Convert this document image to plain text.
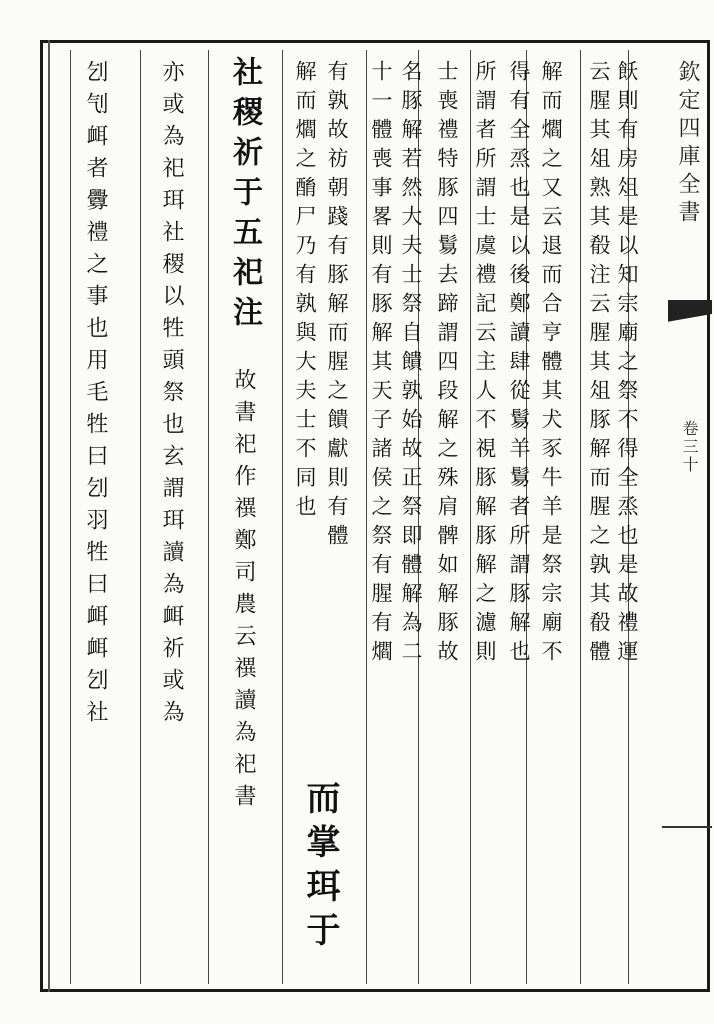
欽定四庫全書
卷三十
飫則有房俎是以知宗廟之祭不得全烝也是故禮運
云腥其俎熟其殽注云腥其俎豚解而腥之孰其殽體
解而爓之又云退而合亨體其犬豕牛羊是祭宗廟不
得有全烝也是以後鄭讀肆從鬄羊鬄者所謂豚解也
所謂者所謂士虞禮記云主人不視豚解豚解之濾則
士喪禮特豚四鬄去蹄謂四段解之殊肩髀如解豚故
名豚解若然大夫士祭自饋孰始故正祭即體解為二
十一體喪事畧則有豚解其天子諸侯之祭有腥有爓
有孰故祊朝踐有豚解而腥之饋獻則有體
解而爓之酳尸乃有孰與大夫士不同也
而掌珥于
社稷祈于五祀注
故書祀作禩鄭司農云禩讀為祀書
亦或為祀珥社稷以牲頭祭也玄謂珥讀為衈祈或為
刉刏衈者釁禮之事也用毛牲曰刉羽牲曰衈衈刉社
